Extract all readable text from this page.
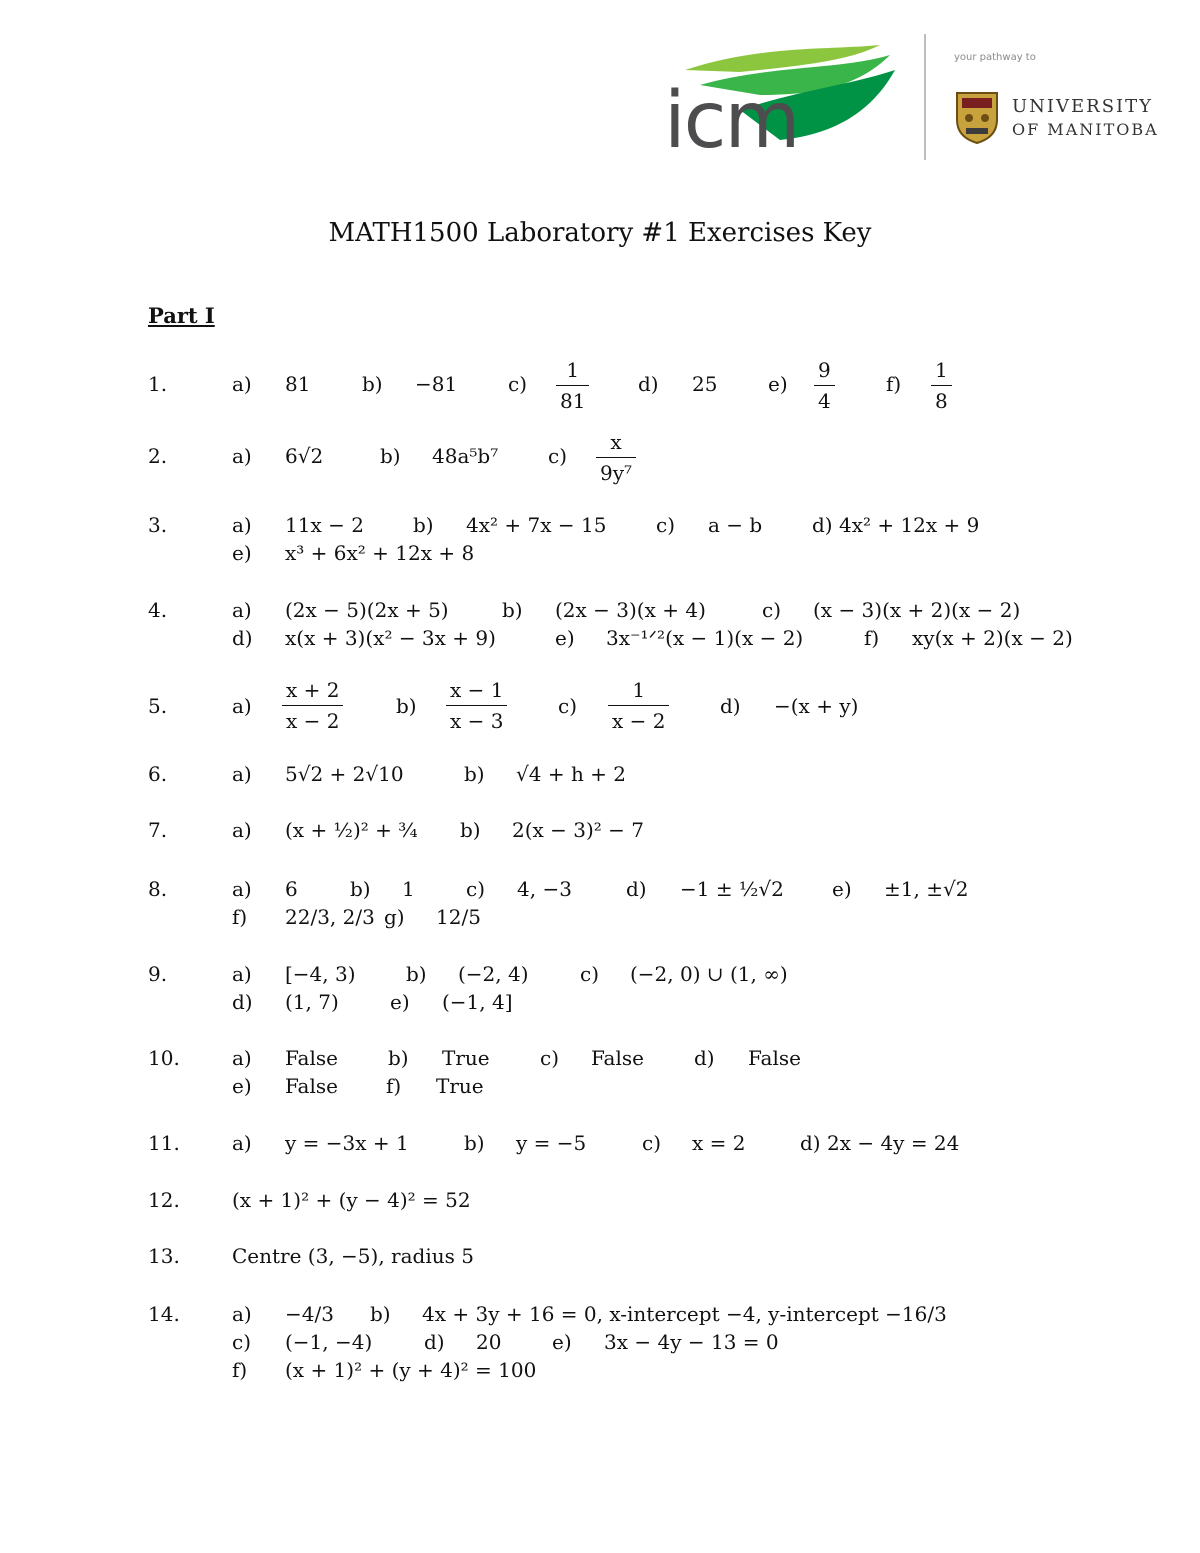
icm
your pathway to
UNIVERSITY
OF MANITOBA
MATH1500 Laboratory #1 Exercises Key
Part I
1.	a) 81	b) −81	c)
1
81
d) 25	e)
9
4
f)
1
8
2.	a) 6√2	b) 48a⁵b⁷ c)
x
9y⁷
3.	a) 11x − 2 b) 4x² + 7x − 15 c) a − b d) 4x² + 12x + 9
e) x³ + 6x² + 12x + 8
4.	a) (2x − 5)(2x + 5)	b) (2x − 3)(x + 4)	c) (x − 3)(x + 2)(x − 2)
d) x(x + 3)(x² − 3x + 9)	e) 3x⁻¹ᐟ²(x − 1)(x − 2)	f) xy(x + 2)(x − 2)
5.	a)
x + 2
x − 2
b)
x − 1
x − 3
c)
1
x − 2
d) −(x + y)
6.	a) 5√2 + 2√10	b) √4 + h + 2
7.	a) (x + ½)² + ¾ b) 2(x − 3)² − 7
8.	a) 6	b) 1	c) 4, −3	d) −1 ± ½√2 e) ±1, ±√2
f) 22/3, 2/3 g) 12/5
9.	a) [−4, 3)	b) (−2, 4)	c) (−2, 0) ∪ (1, ∞)
d) (1, 7)	e) (−1, 4]
10.	a) False	b) True	c) False	d) False
e) False f) True
11.	a) y = −3x + 1	b) y = −5	c) x = 2	d) 2x − 4y = 24
12.	(x + 1)² + (y − 4)² = 52
13.	Centre (3, −5), radius 5
14.	a) −4/3 b) 4x + 3y + 16 = 0, x-intercept −4, y-intercept −16/3
c) (−1, −4)	d) 20	e) 3x − 4y − 13 = 0
f) (x + 1)² + (y + 4)² = 100
